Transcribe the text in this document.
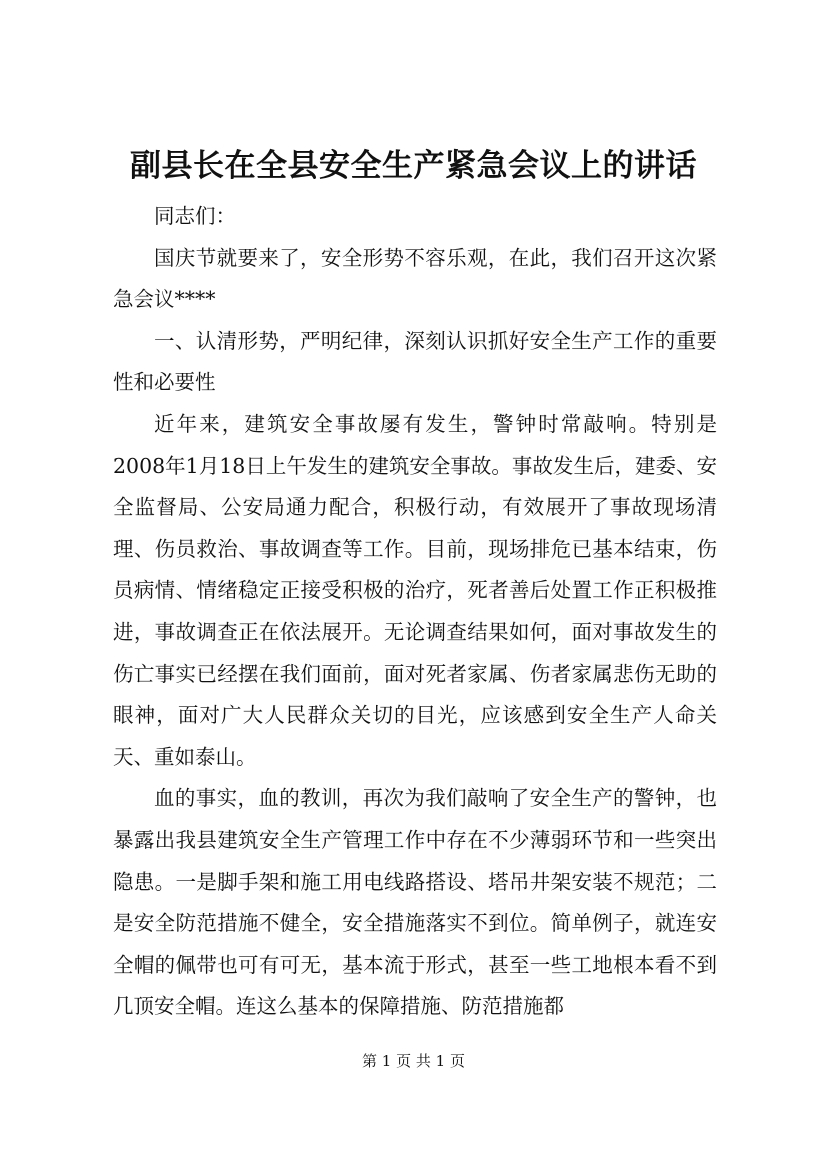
副县长在全县安全生产紧急会议上的讲话

同志们：

国庆节就要来了，安全形势不容乐观，在此，我们召开这次紧急会议****

一、认清形势，严明纪律，深刻认识抓好安全生产工作的重要性和必要性

近年来，建筑安全事故屡有发生，警钟时常敲响。特别是2008年1月18日上午发生的建筑安全事故。事故发生后，建委、安全监督局、公安局通力配合，积极行动，有效展开了事故现场清理、伤员救治、事故调查等工作。目前，现场排危已基本结束，伤员病情、情绪稳定正接受积极的治疗，死者善后处置工作正积极推进，事故调查正在依法展开。无论调查结果如何，面对事故发生的伤亡事实已经摆在我们面前，面对死者家属、伤者家属悲伤无助的眼神，面对广大人民群众关切的目光，应该感到安全生产人命关天、重如泰山。

血的事实，血的教训，再次为我们敲响了安全生产的警钟，也暴露出我县建筑安全生产管理工作中存在不少薄弱环节和一些突出隐患。一是脚手架和施工用电线路搭设、塔吊井架安装不规范；二是安全防范措施不健全，安全措施落实不到位。简单例子，就连安全帽的佩带也可有可无，基本流于形式，甚至一些工地根本看不到几顶安全帽。连这么基本的保障措施、防范措施都

第 1 页 共 1 页
